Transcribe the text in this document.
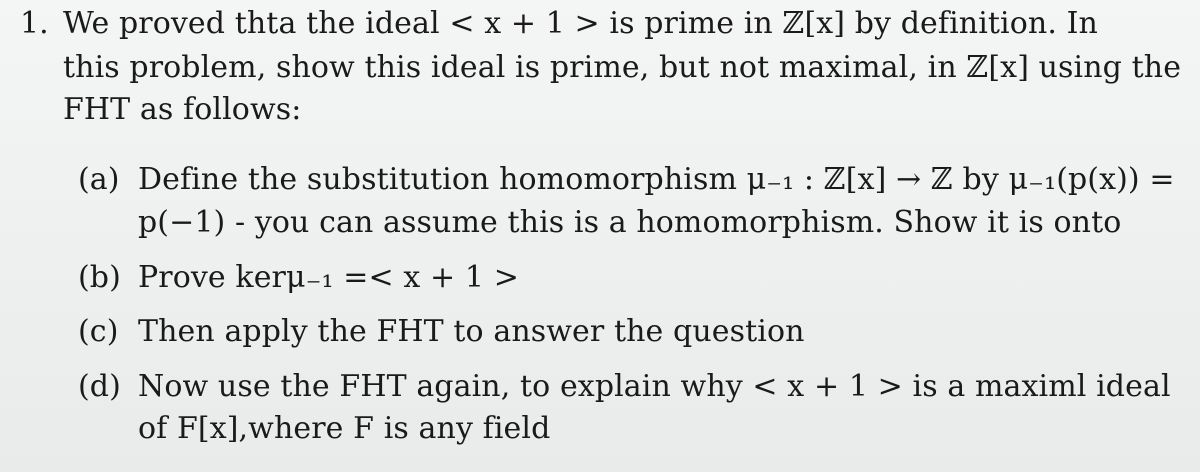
1. We proved thta the ideal < x + 1 > is prime in ℤ[x] by definition. In
this problem, show this ideal is prime, but not maximal, in ℤ[x] using the
FHT as follows:
(a) Define the substitution homomorphism μ₋₁ : ℤ[x] → ℤ by μ₋₁(p(x)) =
p(−1) - you can assume this is a homomorphism. Show it is onto
(b) Prove kerμ₋₁ =< x + 1 >
(c) Then apply the FHT to answer the question
(d) Now use the FHT again, to explain why < x + 1 > is a maximl ideal
of F[x],where F is any field
